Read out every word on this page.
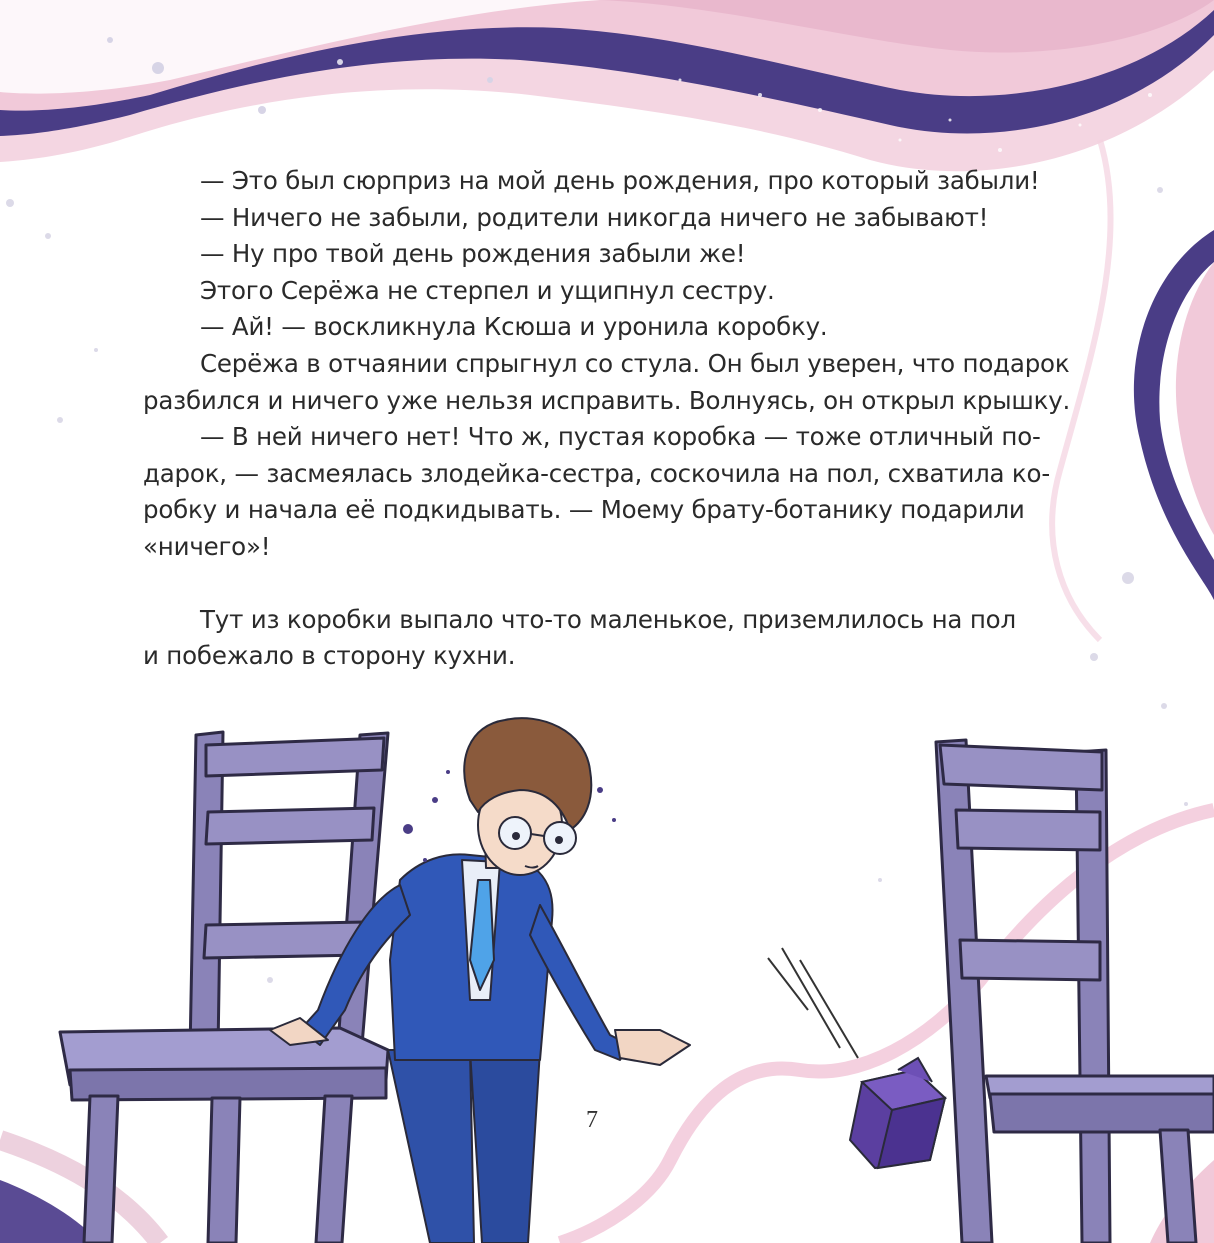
— Это был сюрприз на мой день рождения, про который забыли!

— Ничего не забыли, родители никогда ничего не забывают!

— Ну про твой день рождения забыли же!

Этого Серёжа не стерпел и ущипнул сестру.

— Ай! — воскликнула Ксюша и уронила коробку.

Серёжа в отчаянии спрыгнул со стула. Он был уверен, что подарок

разбился и ничего уже нельзя исправить. Волнуясь, он открыл крышку.

— В ней ничего нет! Что ж, пустая коробка — тоже отличный по-

дарок, — засмеялась злодейка-сестра, соскочила на пол, схватила ко-

робку и начала её подкидывать. — Моему брату-ботанику подарили

«ничего»!

Тут из коробки выпало что-то маленькое, приземлилось на пол

и побежало в сторону кухни.

7
